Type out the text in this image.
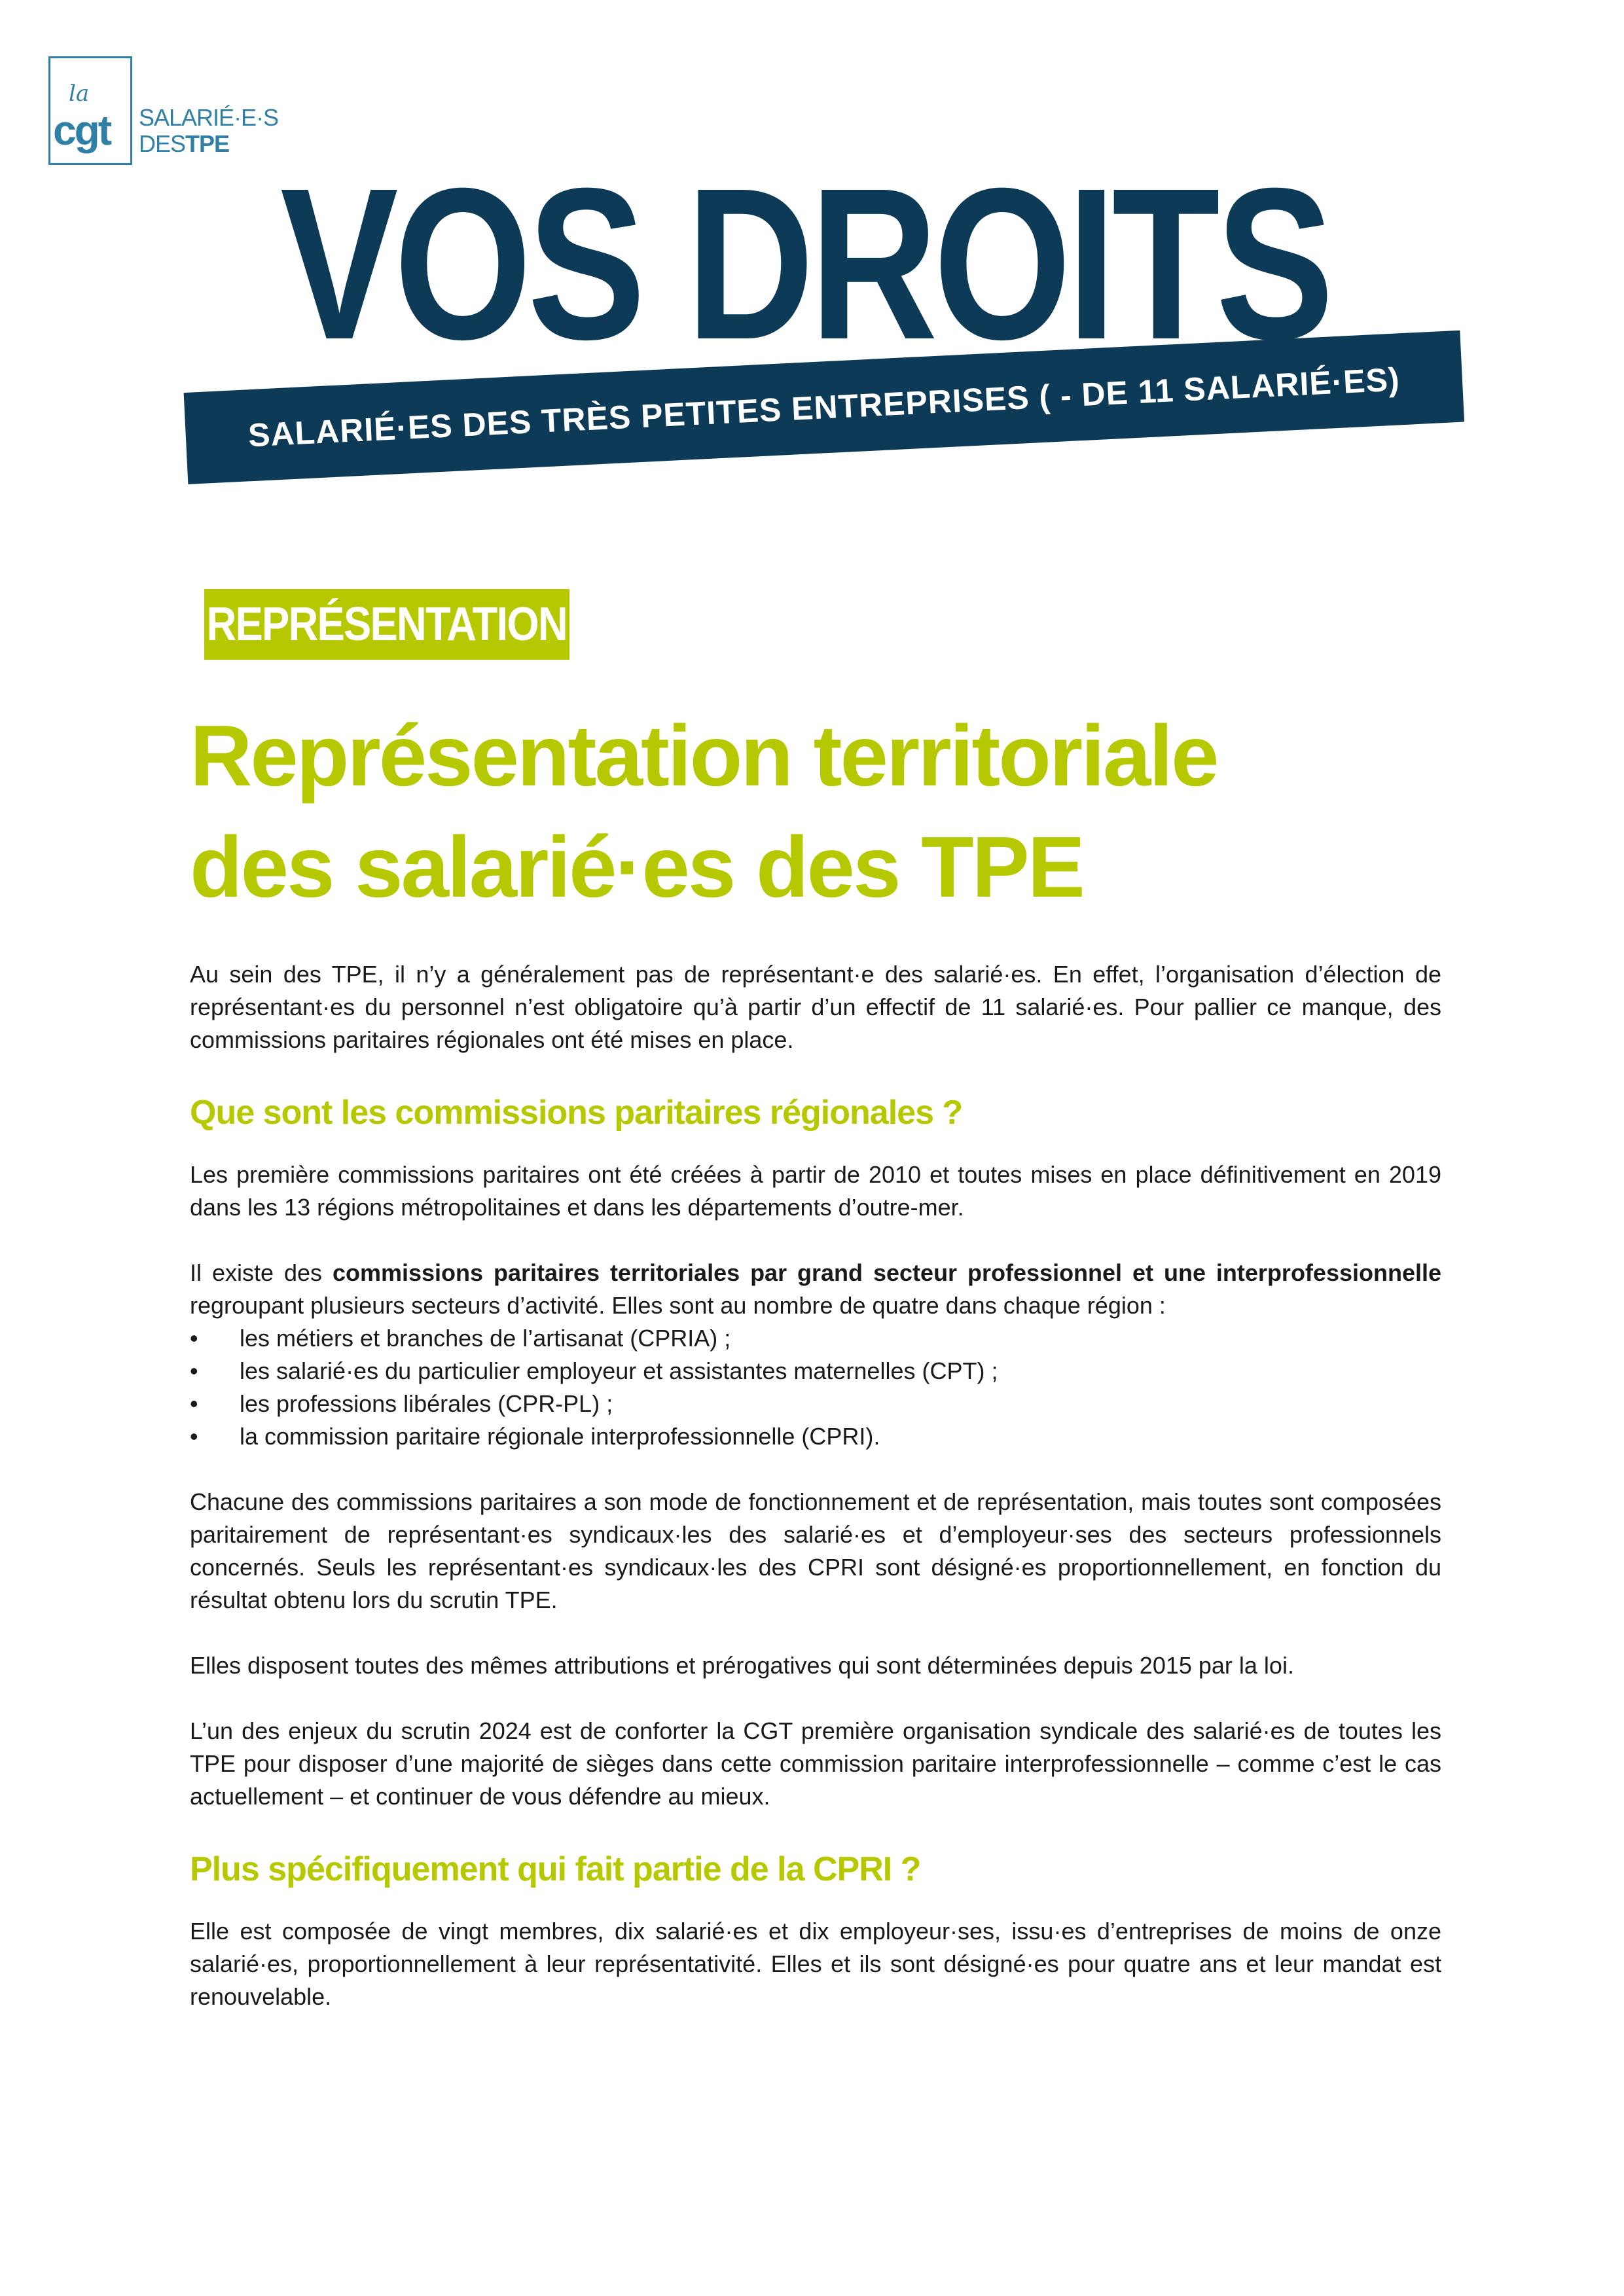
la
cgt SALARIÉ·E·S
DESTPE VOS DROITS
SALARIÉ·ES DES TRÈS PETITES ENTREPRISES ( - DE 11 SALARIÉ·ES)
REPRÉSENTATION
Représentation territoriale
des salarié·es des TPE

Au sein des TPE, il n’y a généralement pas de représentant·e des salarié·es. En effet, l’organisation d’élection de représentant·es du personnel n’est obligatoire qu’à partir d’un effectif de 11 salarié·es. Pour pallier ce manque, des commissions paritaires régionales ont été mises en place.

Que sont les commissions paritaires régionales ?

Les première commissions paritaires ont été créées à partir de 2010 et toutes mises en place définitivement en 2019 dans les 13 régions métropolitaines et dans les départements d’outre-mer.

Il existe des commissions paritaires territoriales par grand secteur professionnel et une interprofessionnelle regroupant plusieurs secteurs d’activité. Elles sont au nombre de quatre dans chaque région :

• les métiers et branches de l’artisanat (CPRIA) ;
• les salarié·es du particulier employeur et assistantes maternelles (CPT) ;
• les professions libérales (CPR-PL) ;
• la commission paritaire régionale interprofessionnelle (CPRI).

Chacune des commissions paritaires a son mode de fonctionnement et de représentation, mais toutes sont composées paritairement de représentant·es syndicaux·les des salarié·es et d’employeur·ses des secteurs professionnels concernés. Seuls les représentant·es syndicaux·les des CPRI sont désigné·es proportionnellement, en fonction du résultat obtenu lors du scrutin TPE.

Elles disposent toutes des mêmes attributions et prérogatives qui sont déterminées depuis 2015 par la loi.

L’un des enjeux du scrutin 2024 est de conforter la CGT première organisation syndicale des salarié·es de toutes les TPE pour disposer d’une majorité de sièges dans cette commission paritaire interprofessionnelle – comme c’est le cas actuellement – et continuer de vous défendre au mieux.

Plus spécifiquement qui fait partie de la CPRI ?

Elle est composée de vingt membres, dix salarié·es et dix employeur·ses, issu·es d’entreprises de moins de onze salarié·es, proportionnellement à leur représentativité. Elles et ils sont désigné·es pour quatre ans et leur mandat est renouvelable.
